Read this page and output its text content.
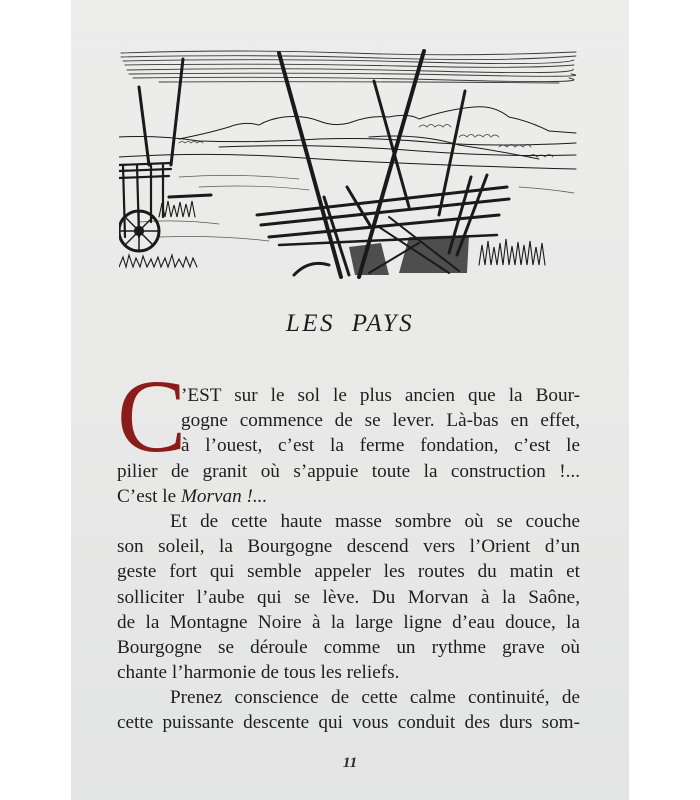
LES PAYS
C
’EST sur le sol le plus ancien que la Bour-
gogne commence de se lever. Là-bas en effet,
à l’ouest, c’est la ferme fondation, c’est le
pilier de granit où s’appuie toute la construction !...
C’est le Morvan !...
Et de cette haute masse sombre où se couche
son soleil, la Bourgogne descend vers l’Orient d’un
geste fort qui semble appeler les routes du matin et
solliciter l’aube qui se lève. Du Morvan à la Saône,
de la Montagne Noire à la large ligne d’eau douce, la
Bourgogne se déroule comme un rythme grave où
chante l’harmonie de tous les reliefs.
Prenez conscience de cette calme continuité, de
cette puissante descente qui vous conduit des durs som-
11
